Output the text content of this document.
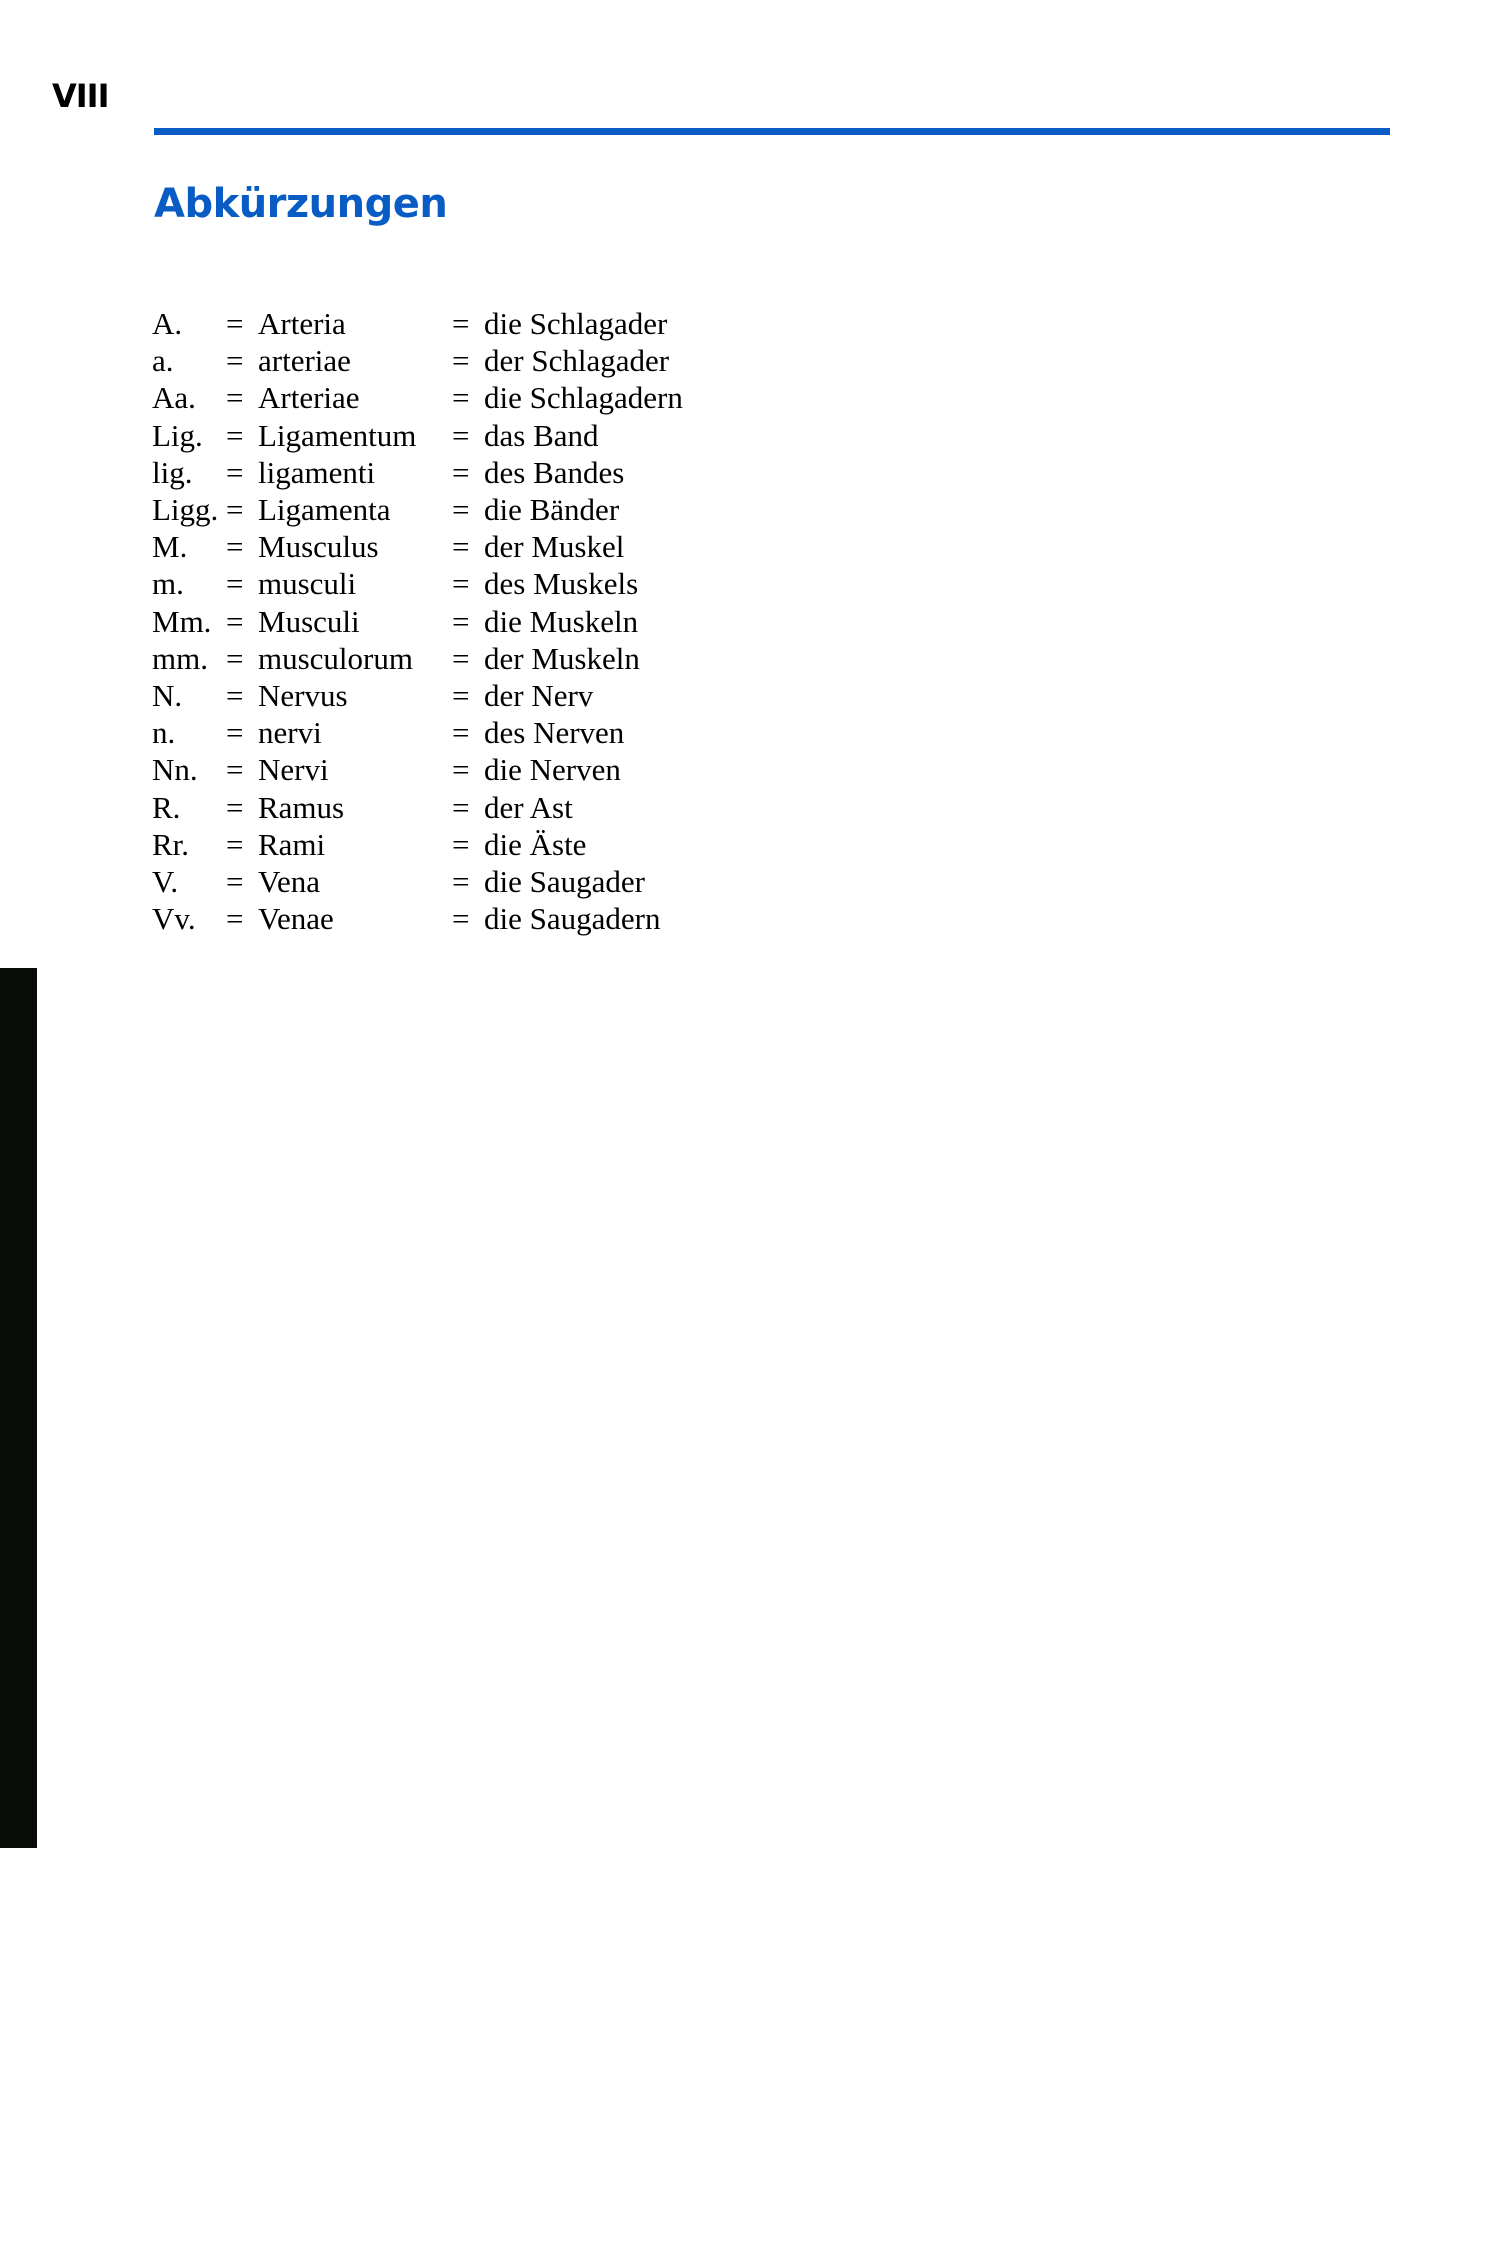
VIII
Abkürzungen
A.	= Arteria	= die Schlagader
a.	= arteriae	= der Schlagader
Aa.	= Arteriae	= die Schlagadern
Lig.	= Ligamentum	= das Band
lig.	= ligamenti	= des Bandes
Ligg.	= Ligamenta	= die Bänder
M.	= Musculus	= der Muskel
m.	= musculi	= des Muskels
Mm.	= Musculi	= die Muskeln
mm.	= musculorum	= der Muskeln
N.	= Nervus	= der Nerv
n.	= nervi	= des Nerven
Nn.	= Nervi	= die Nerven
R.	= Ramus	= der Ast
Rr.	= Rami	= die Äste
V.	= Vena	= die Saugader
Vv.	= Venae	= die Saugadern
